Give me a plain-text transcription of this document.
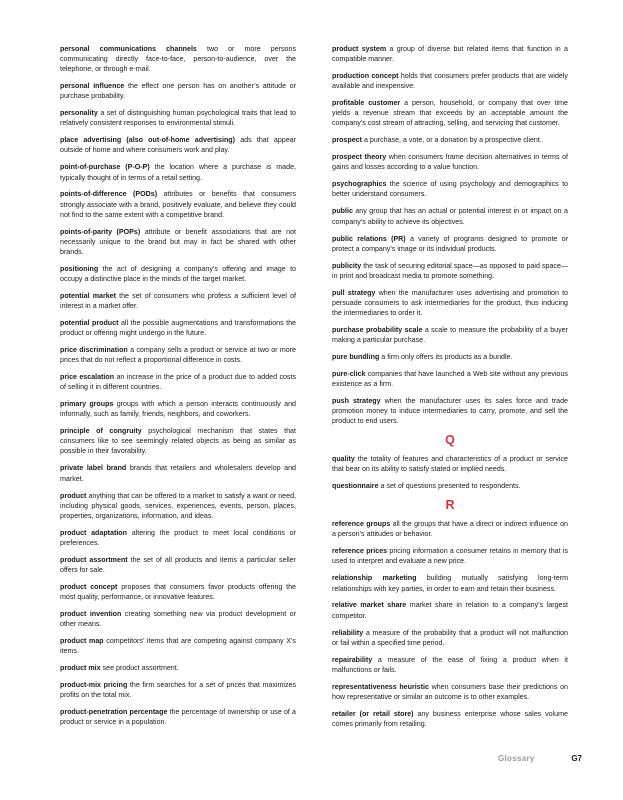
personal communications channels two or more persons communicating directly face-to-face, person-to-audience, over the telephone, or through e-mail.

personal influence the effect one person has on another’s attitude or purchase probability.

personality a set of distinguishing human psychological traits that lead to relatively consistent responses to environmental stimuli.

place advertising (also out-of-home advertising) ads that appear outside of home and where consumers work and play.

point-of-purchase (P-O-P) the location where a purchase is made, typically thought of in terms of a retail setting.

points-of-difference (PODs) attributes or benefits that consumers strongly associate with a brand, positively evaluate, and believe they could not find to the same extent with a competitive brand.

points-of-parity (POPs) attribute or benefit associations that are not necessarily unique to the brand but may in fact be shared with other brands.

positioning the act of designing a company’s offering and image to occupy a distinctive place in the minds of the target market.

potential market the set of consumers who profess a sufficient level of interest in a market offer.

potential product all the possible augmentations and transformations the product or offering might undergo in the future.

price discrimination a company sells a product or service at two or more prices that do not reflect a proportional difference in costs.

price escalation an increase in the price of a product due to added costs of selling it in different countries.

primary groups groups with which a person interacts continuously and informally, such as family, friends, neighbors, and coworkers.

principle of congruity psychological mechanism that states that consumers like to see seemingly related objects as being as similar as possible in their favorability.

private label brand brands that retailers and wholesalers develop and market.

product anything that can be offered to a market to satisfy a want or need, including physical goods, services, experiences, events, person, places, properties, organizations, information, and ideas.

product adaptation altering the product to meet local conditions or preferences.

product assortment the set of all products and items a particular seller offers for sale.

product concept proposes that consumers favor products offering the most quality, performance, or innovative features.

product invention creating something new via product development or other means.

product map competitors’ items that are competing against company X’s items.

product mix see product assortment.

product-mix pricing the firm searches for a set of prices that maximizes profits on the total mix.

product-penetration percentage the percentage of ownership or use of a product or service in a population.

product system a group of diverse but related items that function in a compatible manner.

production concept holds that consumers prefer products that are widely available and inexpensive.

profitable customer a person, household, or company that over time yields a revenue stream that exceeds by an acceptable amount the company’s cost stream of attracting, selling, and servicing that customer.

prospect a purchase, a vote, or a donation by a prospective client.

prospect theory when consumers frame decision alternatives in terms of gains and losses according to a value function.

psychographics the science of using psychology and demographics to better understand consumers.

public any group that has an actual or potential interest in or impact on a company’s ability to achieve its objectives.

public relations (PR) a variety of programs designed to promote or protect a company’s image or its individual products.

publicity the task of securing editorial space—as opposed to paid space—in print and broadcast media to promote something.

pull strategy when the manufacturer uses advertising and promotion to persuade consumers to ask intermediaries for the product, thus inducing the intermediaries to order it.

purchase probability scale a scale to measure the probability of a buyer making a particular purchase.

pure bundling a firm only offers its products as a bundle.

pure-click companies that have launched a Web site without any previous existence as a firm.

push strategy when the manufacturer uses its sales force and trade promotion money to induce intermediaries to carry, promote, and sell the product to end users.

Q

quality the totality of features and characteristics of a product or service that bear on its ability to satisfy stated or implied needs.

questionnaire a set of questions presented to respondents.

R

reference groups all the groups that have a direct or indirect influence on a person’s attitudes or behavior.

reference prices pricing information a consumer retains in memory that is used to interpret and evaluate a new price.

relationship marketing building mutually satisfying long-term relationships with key parties, in order to earn and retain their business.

relative market share market share in relation to a company’s largest competitor.

reliability a measure of the probability that a product will not malfunction or fail within a specified time period.

repairability a measure of the ease of fixing a product when it malfunctions or fails.

representativeness heuristic when consumers base their predictions on how representative or similar an outcome is to other examples.

retailer (or retail store) any business enterprise whose sales volume comes primarily from retailing.

Glossary	G7
